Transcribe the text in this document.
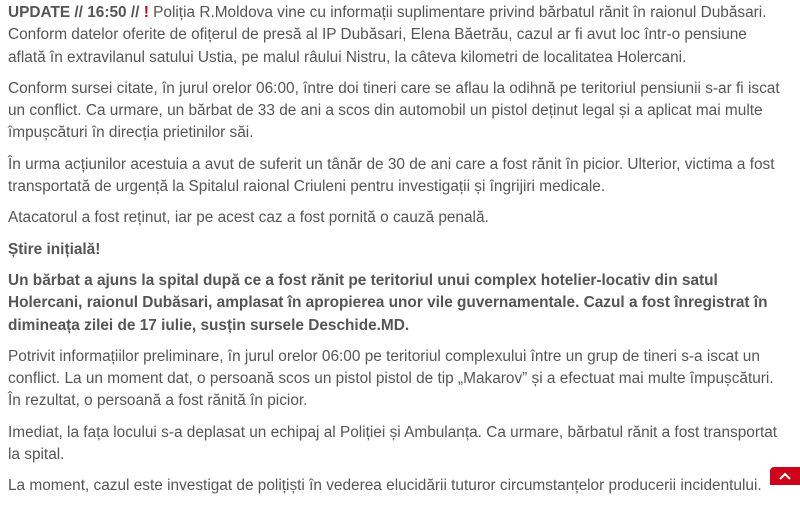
UPDATE // 16:50 // ! Poliția R.Moldova vine cu informații suplimentare privind bărbatul rănit în raionul Dubăsari. Conform datelor oferite de ofițerul de presă al IP Dubăsari, Elena Băetrău, cazul ar fi avut loc într-o pensiune aflată în extravilanul satului Ustia, pe malul râului Nistru, la câteva kilometri de localitatea Holercani.

Conform sursei citate, în jurul orelor 06:00, între doi tineri care se aflau la odihnă pe teritoriul pensiunii s-ar fi iscat un conflict. Ca urmare, un bărbat de 33 de ani a scos din automobil un pistol deținut legal și a aplicat mai multe împușcături în direcția prietinilor săi.

În urma acțiunilor acestuia a avut de suferit un tânăr de 30 de ani care a fost rănit în picior. Ulterior, victima a fost transportată de urgență la Spitalul raional Criuleni pentru investigații și îngrijiri medicale.

Atacatorul a fost reținut, iar pe acest caz a fost pornită o cauză penală.

Știre inițială!

Un bărbat a ajuns la spital după ce a fost rănit pe teritoriul unui complex hotelier-locativ din satul Holercani, raionul Dubăsari, amplasat în apropierea unor vile guvernamentale. Cazul a fost înregistrat în dimineața zilei de 17 iulie, susțin sursele Deschide.MD.

Potrivit informațiilor preliminare, în jurul orelor 06:00 pe teritoriul complexului între un grup de tineri s-a iscat un conflict. La un moment dat, o persoană scos un pistol pistol de tip „Makarov” și a efectuat mai multe împușcături. În rezultat, o persoană a fost rănită în picior.

Imediat, la fața locului s-a deplasat un echipaj al Poliției și Ambulanța. Ca urmare, bărbatul rănit a fost transportat la spital.

La moment, cazul este investigat de polițiști în vederea elucidării tuturor circumstanțelor producerii incidentului.
